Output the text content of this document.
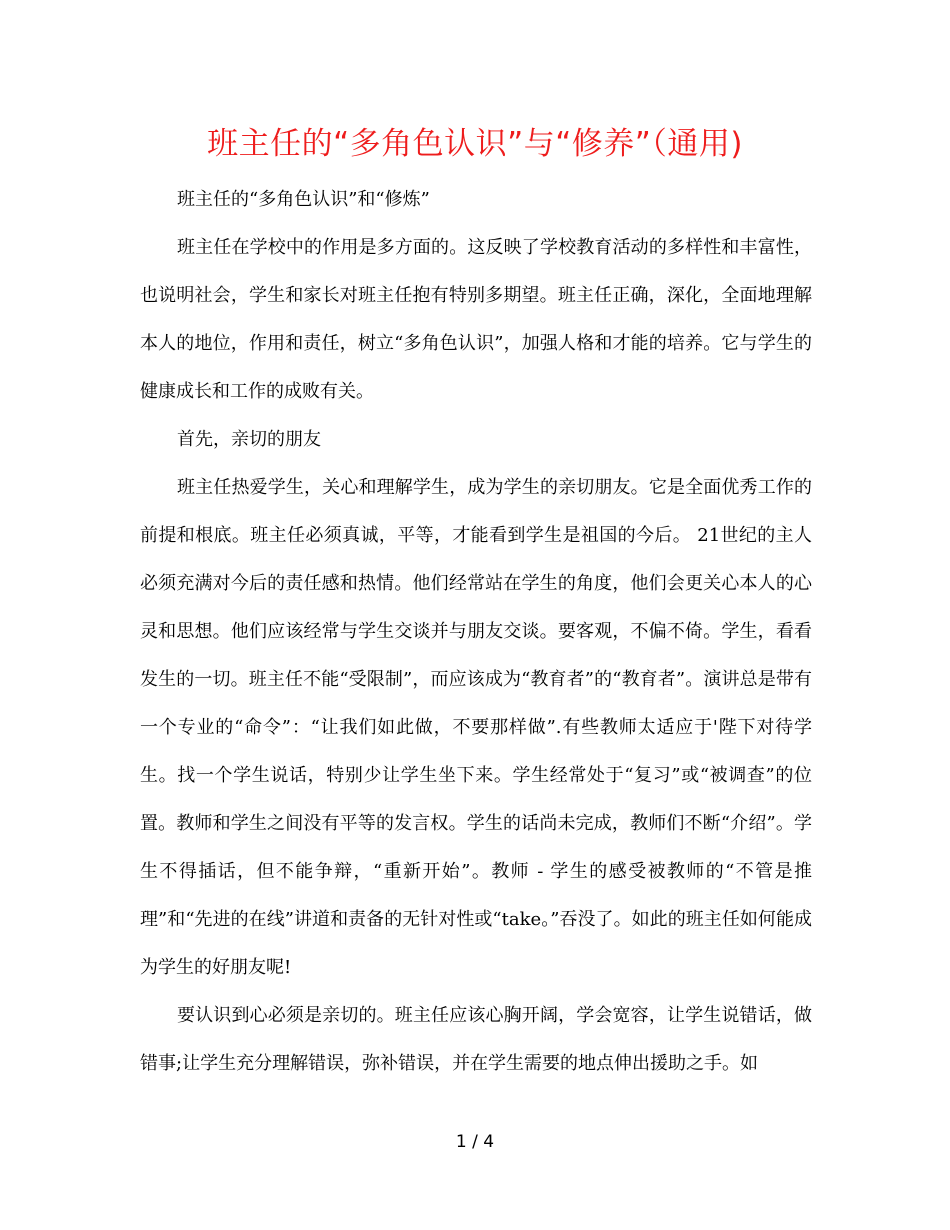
班主任的“多角色认识”与“修养”（通用)

班主任的“多角色认识”和“修炼”

班主任在学校中的作用是多方面的。这反映了学校教育活动的多样性和丰富性，也说明社会，学生和家长对班主任抱有特别多期望。班主任正确，深化，全面地理解本人的地位，作用和责任，树立“多角色认识”，加强人格和才能的培养。它与学生的健康成长和工作的成败有关。

首先，亲切的朋友

班主任热爱学生，关心和理解学生，成为学生的亲切朋友。它是全面优秀工作的前提和根底。班主任必须真诚，平等，才能看到学生是祖国的今后。 21世纪的主人必须充满对今后的责任感和热情。他们经常站在学生的角度，他们会更关心本人的心灵和思想。他们应该经常与学生交谈并与朋友交谈。要客观，不偏不倚。学生，看看发生的一切。班主任不能“受限制”，而应该成为“教育者”的“教育者”。演讲总是带有一个专业的“命令”：“让我们如此做，不要那样做”.有些教师太适应于'陛下对待学生。找一个学生说话，特别少让学生坐下来。学生经常处于“复习”或“被调查”的位置。教师和学生之间没有平等的发言权。学生的话尚未完成，教师们不断“介绍”。学生不得插话，但不能争辩，“重新开始”。教师 - 学生的感受被教师的“不管是推理”和“先进的在线”讲道和责备的无针对性或“take。”吞没了。如此的班主任如何能成为学生的好朋友呢!

要认识到心必须是亲切的。班主任应该心胸开阔，学会宽容，让学生说错话，做错事;让学生充分理解错误，弥补错误，并在学生需要的地点伸出援助之手。如

1 / 4
